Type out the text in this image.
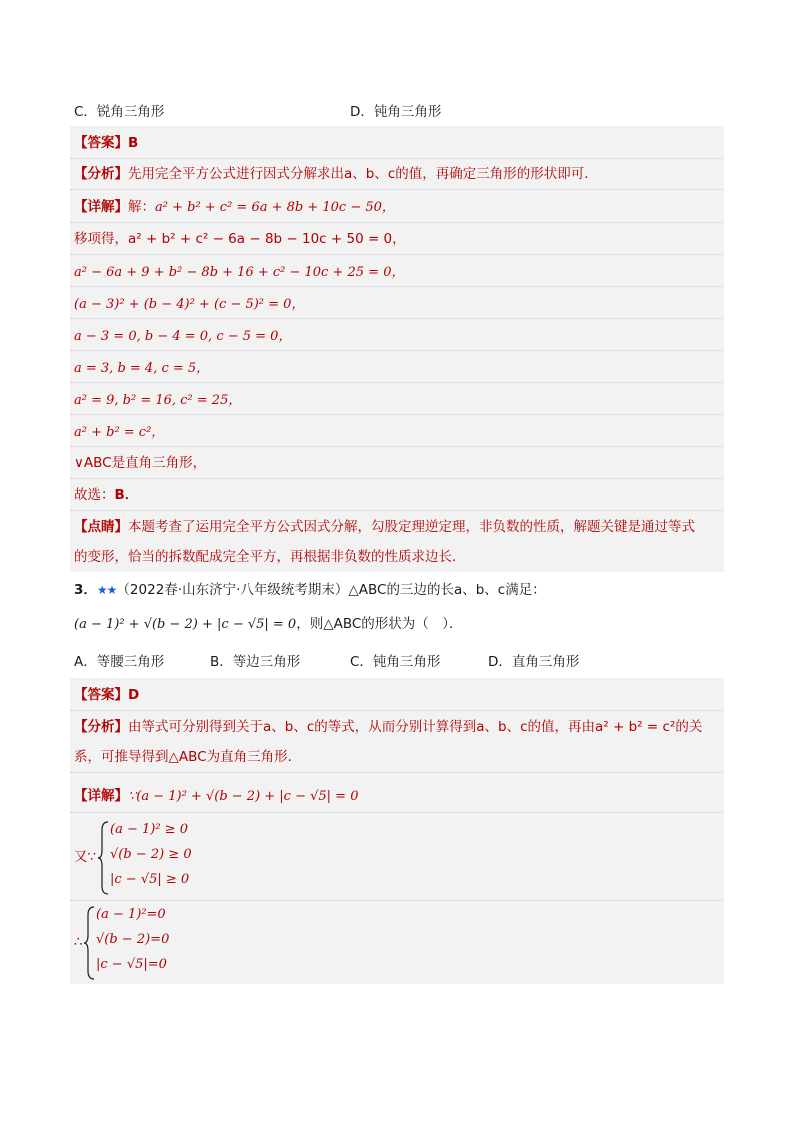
C．锐角三角形	D．钝角三角形
【答案】B
【分析】先用完全平方公式进行因式分解求出a、b、c的值，再确定三角形的形状即可．
【详解】解：a² + b² + c² = 6a + 8b + 10c − 50，
移项得，a² + b² + c² − 6a − 8b − 10c + 50 = 0，
a² − 6a + 9 + b² − 8b + 16 + c² − 10c + 25 = 0，
(a − 3)² + (b − 4)² + (c − 5)² = 0，
a − 3 = 0, b − 4 = 0, c − 5 = 0，
a = 3, b = 4, c = 5，
a² = 9, b² = 16, c² = 25，
a² + b² = c²，
∨ABC是直角三角形，
故选：B．
【点睛】本题考查了运用完全平方公式因式分解，勾股定理逆定理，非负数的性质，解题关键是通过等式
的变形，恰当的拆数配成完全平方，再根据非负数的性质求边长．
3．★★（2022春·山东济宁·八年级统考期末）△ABC的三边的长a、b、c满足：
(a − 1)² + √(b − 2) + |c − √5| = 0，则△ABC的形状为（　）．
A．等腰三角形	B．等边三角形	C．钝角三角形	D．直角三角形
【答案】D
【分析】由等式可分别得到关于a、b、c的等式，从而分别计算得到a、b、c的值，再由a² + b² = c²的关
系，可推导得到△ABC为直角三角形．
【详解】∵(a − 1)² + √(b − 2) + |c − √5| = 0
又∵
(a − 1)² ≥ 0
√(b − 2) ≥ 0
|c − √5| ≥ 0
∴
(a − 1)²=0
√(b − 2)=0
|c − √5|=0
